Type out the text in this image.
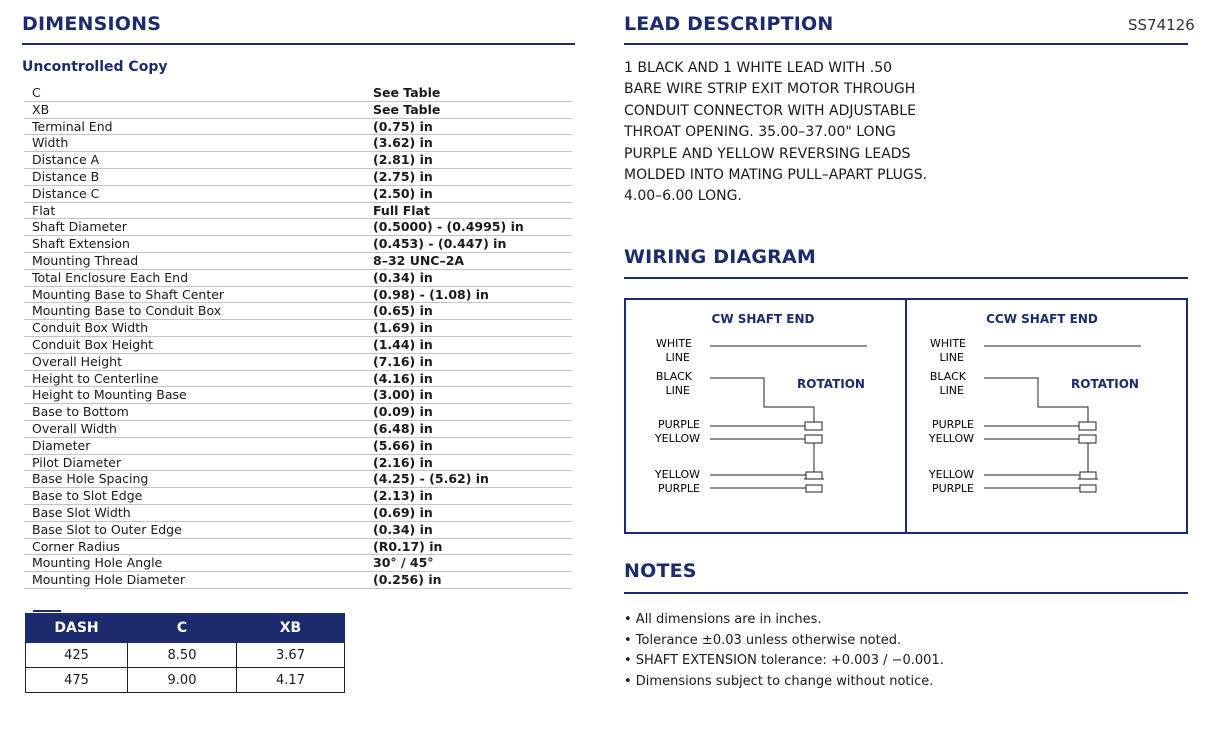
DIMENSIONS
Uncontrolled Copy
C	See Table
XB	See Table
Terminal End	(0.75) in
Width	(3.62) in
Distance A	(2.81) in
Distance B	(2.75) in
Distance C	(2.50) in
Flat	Full Flat
Shaft Diameter	(0.5000) - (0.4995) in
Shaft Extension	(0.453) - (0.447) in
Mounting Thread	8–32 UNC–2A
Total Enclosure Each End	(0.34) in
Mounting Base to Shaft Center	(0.98) - (1.08) in
Mounting Base to Conduit Box	(0.65) in
Conduit Box Width	(1.69) in
Conduit Box Height	(1.44) in
Overall Height	(7.16) in
Height to Centerline	(4.16) in
Height to Mounting Base	(3.00) in
Base to Bottom	(0.09) in
Overall Width	(6.48) in
Diameter	(5.66) in
Pilot Diameter	(2.16) in
Base Hole Spacing	(4.25) - (5.62) in
Base to Slot Edge	(2.13) in
Base Slot Width	(0.69) in
Base Slot to Outer Edge	(0.34) in
Corner Radius	(R0.17) in
Mounting Hole Angle	30° / 45°
Mounting Hole Diameter	(0.256) in
DASH	C	XB
425	8.50	3.67
475	9.00	4.17
LEAD DESCRIPTION	SS74126
1 BLACK AND 1 WHITE LEAD WITH .50
BARE WIRE STRIP EXIT MOTOR THROUGH
CONDUIT CONNECTOR WITH ADJUSTABLE
THROAT OPENING. 35.00–37.00" LONG
PURPLE AND YELLOW REVERSING LEADS
MOLDED INTO MATING PULL–APART PLUGS.
4.00–6.00 LONG.
WIRING DIAGRAM
CW SHAFT END
WHITE
LINE
BLACK
LINE	ROTATION
PURPLE
YELLOW
YELLOW
PURPLE
CCW SHAFT END
WHITE
LINE
BLACK
LINE	ROTATION
PURPLE
YELLOW
YELLOW
PURPLE
NOTES
• All dimensions are in inches.
• Tolerance ±0.03 unless otherwise noted.
• SHAFT EXTENSION tolerance: +0.003 / −0.001.
• Dimensions subject to change without notice.
